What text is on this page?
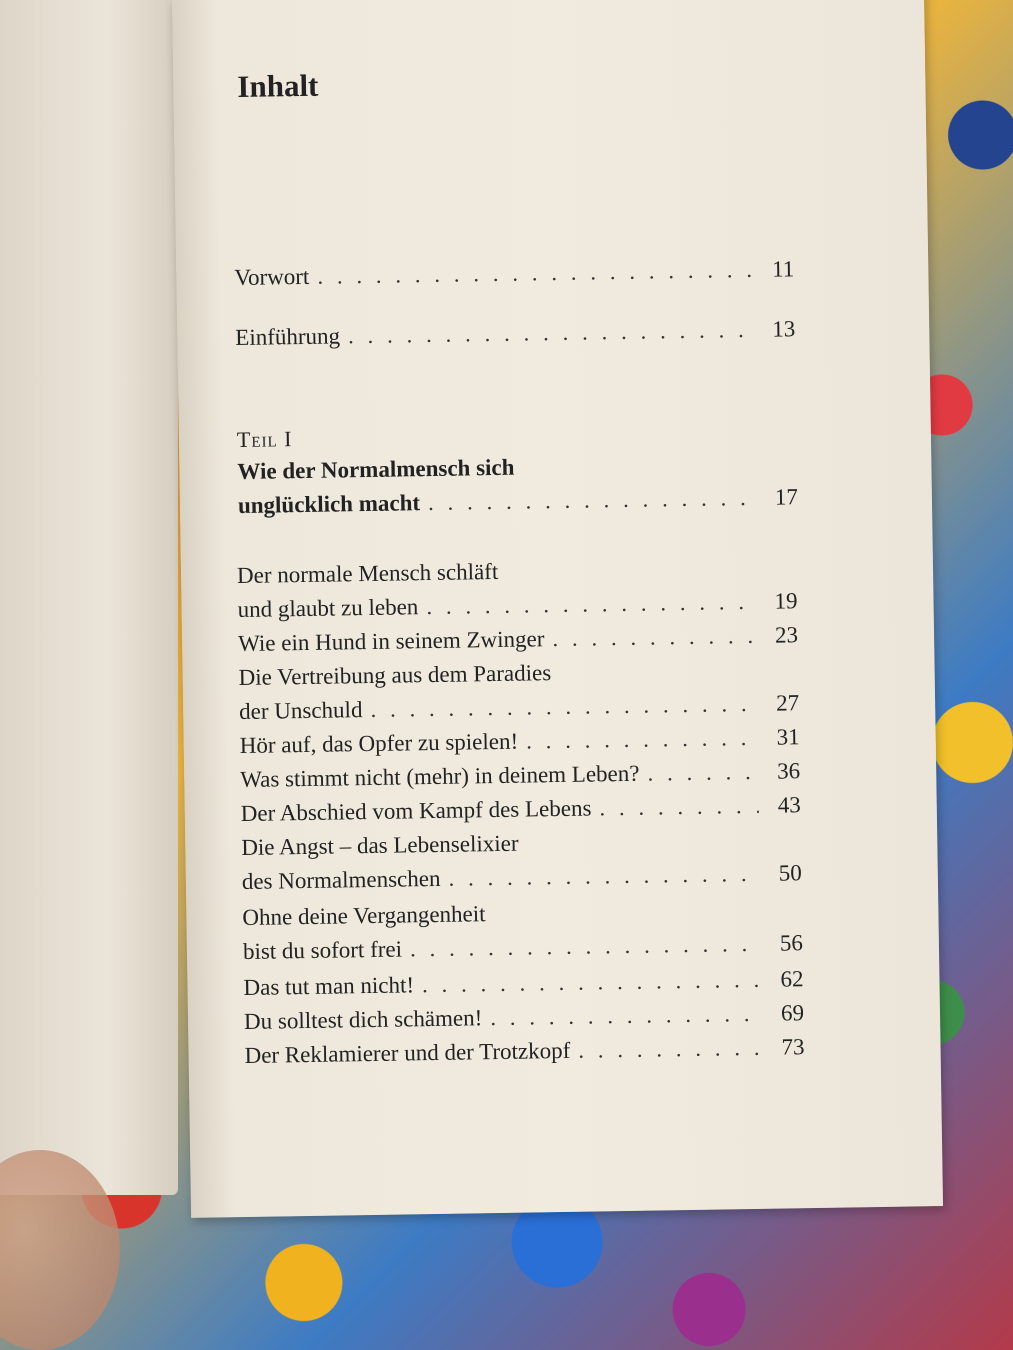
Inhalt
Vorwort . . .	11
Einführung . . .	13
Teil I
Wie der Normalmensch sich
unglücklich macht . . .	17
Der normale Mensch schläft
und glaubt zu leben . . .	19
Wie ein Hund in seinem Zwinger . . .	23
Die Vertreibung aus dem Paradies
der Unschuld . . .	27
Hör auf, das Opfer zu spielen! . . .	31
Was stimmt nicht (mehr) in deinem Leben? . . .	36
Der Abschied vom Kampf des Lebens . . .	43
Die Angst – das Lebenselixier
des Normalmenschen . . .	50
Ohne deine Vergangenheit
bist du sofort frei . . .	56
Das tut man nicht! . . .	62
Du solltest dich schämen! . . .	69
Der Reklamierer und der Trotzkopf . . .	73
